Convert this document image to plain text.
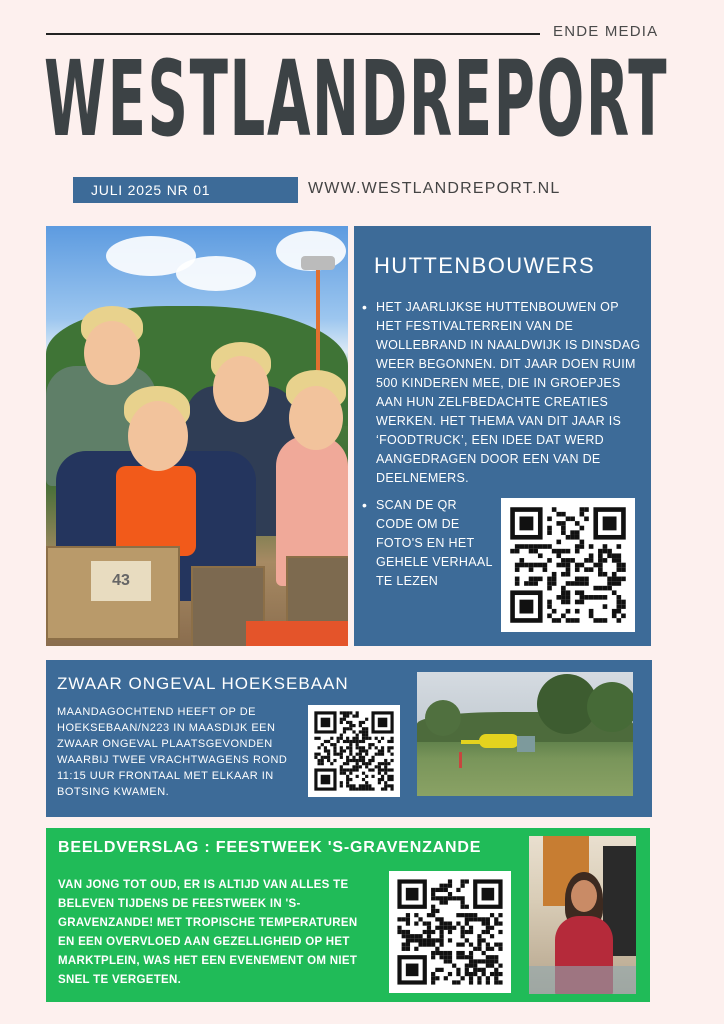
ENDE MEDIA
WESTLANDREPORT
JULI 2025 NR 01	WWW.WESTLANDREPORT.NL
43
HUTTENBOUWERS
• HET JAARLIJKSE HUTTENBOUWEN OP HET FESTIVALTERREIN VAN DE WOLLEBRAND IN NAALDWIJK IS DINSDAG WEER BEGONNEN. DIT JAAR DOEN RUIM 500 KINDEREN MEE, DIE IN GROEPJES AAN HUN ZELFBEDACHTE CREATIES WERKEN. HET THEMA VAN DIT JAAR IS ‘FOODTRUCK’, EEN IDEE DAT WERD AANGEDRAGEN DOOR EEN VAN DE DEELNEMERS.
• SCAN DE QR CODE OM DE FOTO'S EN HET GEHELE VERHAAL TE LEZEN
ZWAAR ONGEVAL HOEKSEBAAN
MAANDAGOCHTEND HEEFT OP DE HOEKSEBAAN/N223 IN MAASDIJK EEN ZWAAR ONGEVAL PLAATSGEVONDEN WAARBIJ TWEE VRACHTWAGENS ROND 11:15 UUR FRONTAAL MET ELKAAR IN BOTSING KWAMEN.
BEELDVERSLAG : FEESTWEEK 'S-GRAVENZANDE
VAN JONG TOT OUD, ER IS ALTIJD VAN ALLES TE BELEVEN TIJDENS DE FEESTWEEK IN 'S-GRAVENZANDE! MET TROPISCHE TEMPERATUREN EN EEN OVERVLOED AAN GEZELLIGHEID OP HET MARKTPLEIN, WAS HET EEN EVENEMENT OM NIET SNEL TE VERGETEN.
